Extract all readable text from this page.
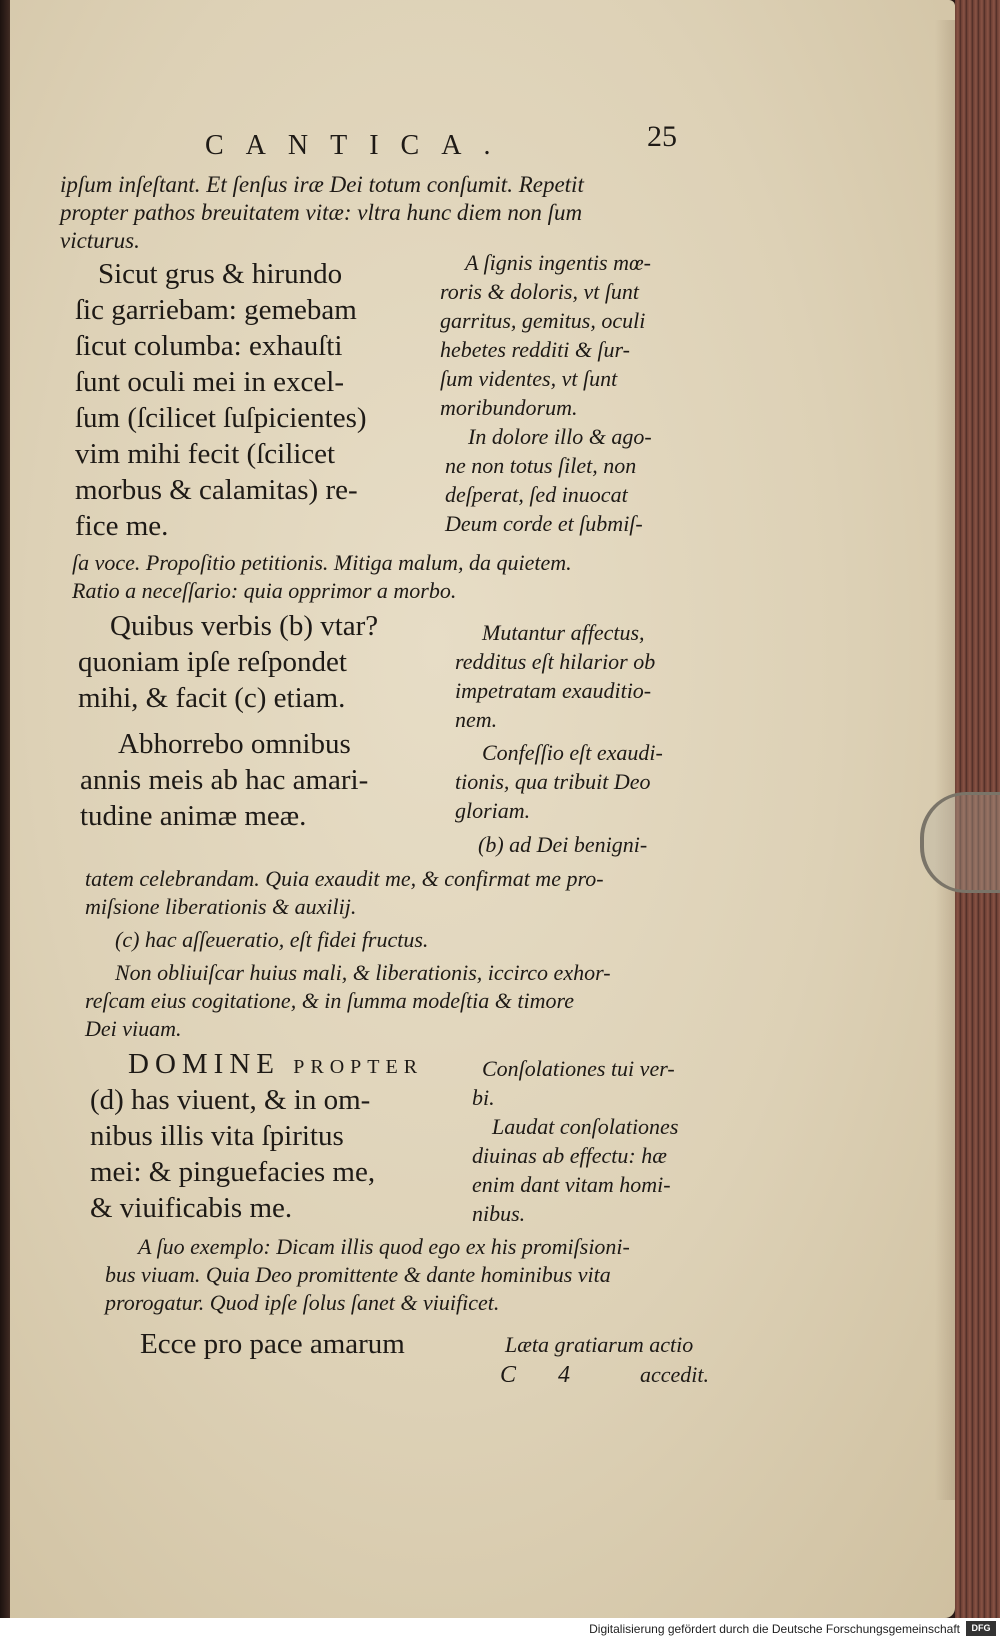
CANTICA.	25
ipſum inſeſtant. Et ſenſus iræ Dei totum conſumit. Repetit
propter pathos breuitatem vitæ: vltra hunc diem non ſum
victurus.
Sicut grus & hirundo
ſic garriebam: gemebam
ſicut columba: exhauſti
ſunt oculi mei in excel-
ſum (ſcilicet ſuſpicientes)
vim mihi fecit (ſcilicet
morbus & calamitas) re-
fice me.
A ſignis ingentis mœ-
roris & doloris, vt ſunt
garritus, gemitus, oculi
hebetes redditi & ſur-
ſum videntes, vt ſunt
moribundorum.
In dolore illo & ago-
ne non totus ſilet, non
deſperat, ſed inuocat
Deum corde et ſubmiſ-
ſa voce. Propoſitio petitionis. Mitiga malum, da quietem.
Ratio a neceſſario: quia opprimor a morbo.
Quibus verbis (b) vtar?
quoniam ipſe reſpondet
mihi, & facit (c) etiam.
Mutantur affectus,
redditus eſt hilarior ob
impetratam exauditio-
nem.
Abhorrebo omnibus
annis meis ab hac amari-
tudine animæ meæ.
Confeſſio eſt exaudi-
tionis, qua tribuit Deo
gloriam.
(b) ad Dei benigni-
tatem celebrandam. Quia exaudit me, & confirmat me pro-
miſsione liberationis & auxilij.
(c) hac aſſeueratio, eſt fidei fructus.
Non obliuiſcar huius mali, & liberationis, iccirco exhor-
reſcam eius cogitatione, & in ſumma modeſtia & timore
Dei viuam.
DOMINE propter
(d) has viuent, & in om-
nibus illis vita ſpiritus
mei: & pinguefacies me,
& viuificabis me.
Conſolationes tui ver-
bi.
Laudat conſolationes
diuinas ab effectu: hæ
enim dant vitam homi-
nibus.
A ſuo exemplo: Dicam illis quod ego ex his promiſsioni-
bus viuam. Quia Deo promittente & dante hominibus vita
prorogatur. Quod ipſe ſolus ſanet & viuificet.
Ecce pro pace amarum	Læta gratiarum actio
accedit.
C 4
Digitalisierung gefördert durch die Deutsche Forschungsgemeinschaft	DFG
